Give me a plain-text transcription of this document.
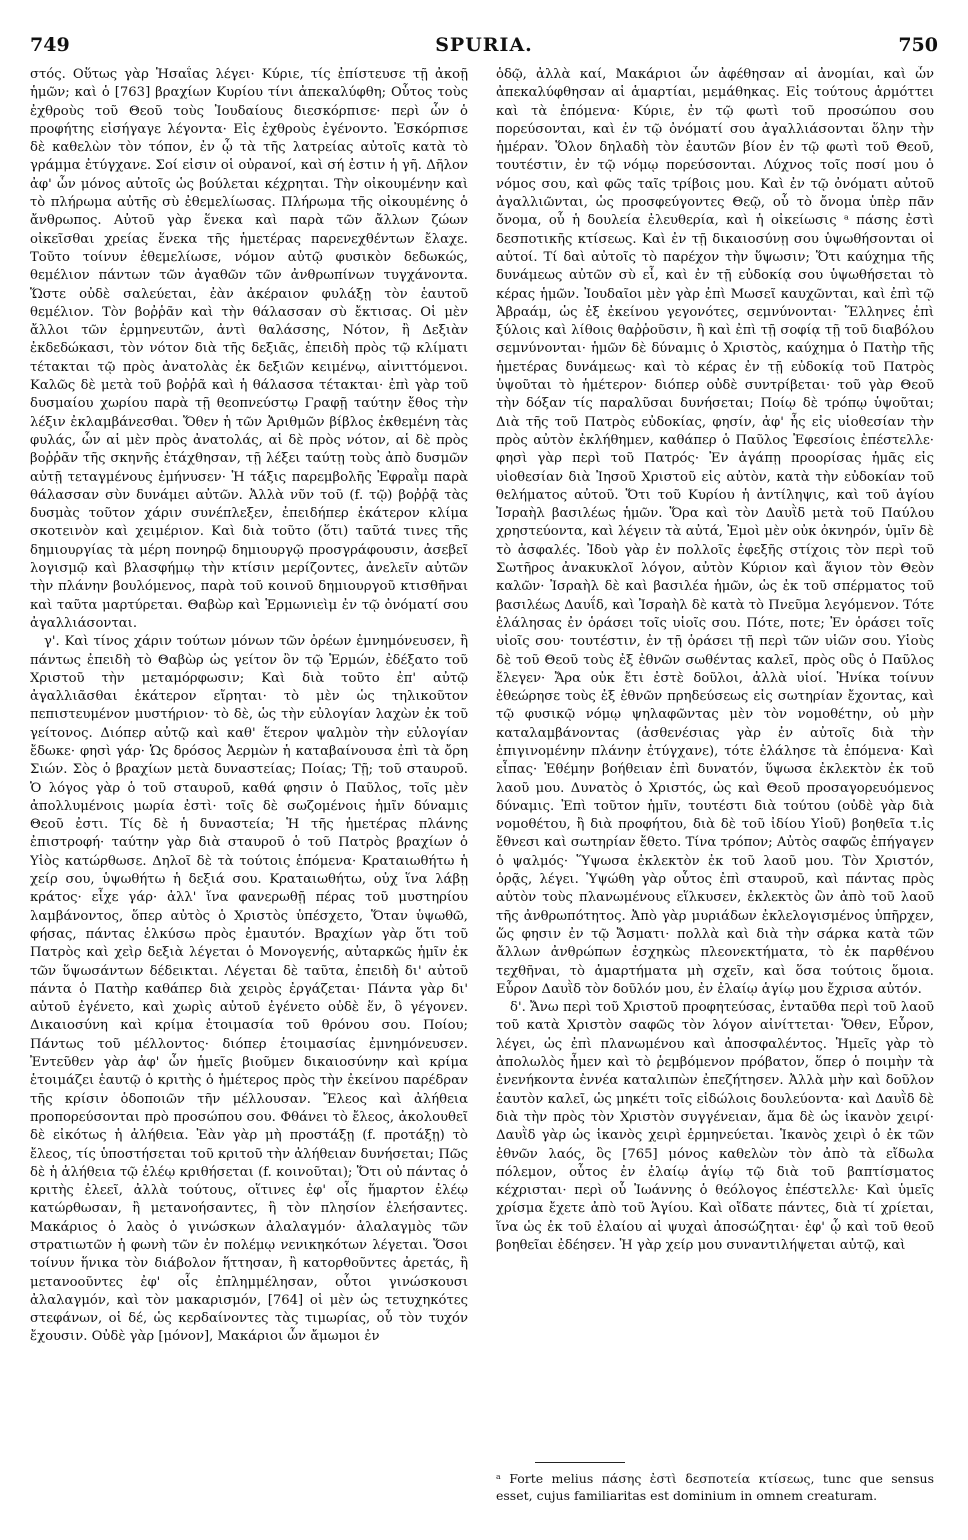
749	SPURIA.	750

στός. Οὕτως γὰρ Ἡσαΐας λέγει· Κύριε, τίς ἐπίστευσε τῇ ἀκοῇ ἡμῶν; καὶ ὁ [763] βραχίων Κυρίου τίνι ἀπεκαλύφθη; Οὗτος τοὺς ἐχθροὺς τοῦ Θεοῦ τοὺς Ἰουδαίους διεσκόρπισε· περὶ ὧν ὁ προφήτης εἰσήγαγε λέγοντα· Εἰς ἐχθροὺς ἐγένοντο. Ἐσκόρπισε δὲ καθελὼν τὸν τόπον, ἐν ᾧ τὰ τῆς λατρείας αὐτοῖς κατὰ τὸ γράμμα ἐτύγχανε. Σοί εἰσιν οἱ οὐρανοί, καὶ σή ἐστιν ἡ γῆ. Δῆλον ἀφ' ὧν μόνος αὐτοῖς ὡς βούλεται κέχρηται. Τὴν οἰκουμένην καὶ τὸ πλήρωμα αὐτῆς σὺ ἐθεμελίωσας. Πλήρωμα τῆς οἰκουμένης ὁ ἄνθρωπος. Αὐτοῦ γὰρ ἕνεκα καὶ παρὰ τῶν ἄλλων ζώων οἰκεῖσθαι χρείας ἕνεκα τῆς ἡμετέρας παρενεχθέντων ἔλαχε. Τοῦτο τοίνυν ἐθεμελίωσε, νόμον αὐτῷ φυσικὸν δεδωκώς, θεμέλιον πάντων τῶν ἀγαθῶν τῶν ἀνθρωπίνων τυγχάνοντα. Ὥστε οὐδὲ σαλεύεται, ἐὰν ἀκέραιον φυλάξῃ τὸν ἑαυτοῦ θεμέλιον. Τὸν βοῤῥᾶν καὶ τὴν θάλασσαν σὺ ἔκτισας. Οἱ μὲν ἄλλοι τῶν ἑρμηνευτῶν, ἀντὶ θαλάσσης, Νότον, ἢ Δεξιὰν ἐκδεδώκασι, τὸν νότον διὰ τῆς δεξιᾶς, ἐπειδὴ πρὸς τῷ κλίματι τέτακται τῷ πρὸς ἀνατολὰς ἐκ δεξιῶν κειμένῳ, αἰνιττόμενοι. Καλῶς δὲ μετὰ τοῦ βοῤῥᾶ καὶ ἡ θάλασσα τέτακται· ἐπὶ γὰρ τοῦ δυσμαίου χωρίου παρὰ τῇ θεοπνεύστῳ Γραφῇ ταύτην ἔθος τὴν λέξιν ἐκλαμβάνεσθαι. Ὅθεν ἡ τῶν Ἀριθμῶν βίβλος ἐκθεμένη τὰς φυλάς, ὧν αἱ μὲν πρὸς ἀνατολάς, αἱ δὲ πρὸς νότον, αἱ δὲ πρὸς βοῤῥᾶν τῆς σκηνῆς ἐτάχθησαν, τῇ λέξει ταύτῃ τοὺς ἀπὸ δυσμῶν αὐτῇ τεταγμένους ἐμήνυσεν· Ἡ τάξις παρεμβολῆς Ἐφραῒμ παρὰ θάλασσαν σὺν δυνάμει αὐτῶν. Ἀλλὰ νῦν τοῦ (f. τῷ) βοῤῥᾷ τὰς δυσμὰς τοῦτον χάριν συνέπλεξεν, ἐπειδήπερ ἑκάτερον κλίμα σκοτεινὸν καὶ χειμέριον. Καὶ διὰ τοῦτο (ὅτι) ταῦτά τινες τῆς δημιουργίας τὰ μέρη πονηρῷ δημιουργῷ προσγράφουσιν, ἀσεβεῖ λογισμῷ καὶ βλασφήμῳ τὴν κτίσιν μερίζοντες, ἀνελεῖν αὐτῶν τὴν πλάνην βουλόμενος, παρὰ τοῦ κοινοῦ δημιουργοῦ κτισθῆναι καὶ ταῦτα μαρτύρεται. Θαβὼρ καὶ Ἑρμωνιεὶμ ἐν τῷ ὀνόματί σου ἀγαλλιάσονται.

γ'. Καὶ τίνος χάριν τούτων μόνων τῶν ὀρέων ἐμνημόνευσεν, ἢ πάντως ἐπειδὴ τὸ Θαβὼρ ὡς γείτον ὂν τῷ Ἑρμών, ἐδέξατο τοῦ Χριστοῦ τὴν μεταμόρφωσιν; Καὶ διὰ τοῦτο ἐπ' αὐτῷ ἀγαλλιᾶσθαι ἑκάτερον εἴρηται· τὸ μὲν ὡς τηλικοῦτον πεπιστευμένον μυστήριον· τὸ δὲ, ὡς τὴν εὐλογίαν λαχὼν ἐκ τοῦ γείτονος. Διόπερ αὐτῷ καὶ καθ' ἕτερον ψαλμὸν τὴν εὐλογίαν ἔδωκε· φησὶ γάρ· Ὡς δρόσος Ἀερμὼν ἡ καταβαίνουσα ἐπὶ τὰ ὄρη Σιών. Σὸς ὁ βραχίων μετὰ δυναστείας; Ποίας; Τῇ; τοῦ σταυροῦ. Ὁ λόγος γὰρ ὁ τοῦ σταυροῦ, καθά φησιν ὁ Παῦλος, τοῖς μὲν ἀπολλυμένοις μωρία ἐστὶ· τοῖς δὲ σωζομένοις ἡμῖν δύναμις Θεοῦ ἐστι. Τίς δὲ ἡ δυναστεία; Ἡ τῆς ἡμετέρας πλάνης ἐπιστροφή· ταύτην γὰρ διὰ σταυροῦ ὁ τοῦ Πατρὸς βραχίων ὁ Υἱὸς κατώρθωσε. Δηλοῖ δὲ τὰ τούτοις ἑπόμενα· Κραταιωθήτω ἡ χείρ σου, ὑψωθήτω ἡ δεξιά σου. Κραταιωθήτω, οὐχ ἵνα λάβῃ κράτος· εἶχε γάρ· ἀλλ' ἵνα φανερωθῇ πέρας τοῦ μυστηρίου λαμβάνοντος, ὅπερ αὐτὸς ὁ Χριστὸς ὑπέσχετο, Ὅταν ὑψωθῶ, φήσας, πάντας ἑλκύσω πρὸς ἐμαυτόν. Βραχίων γὰρ ὅτι τοῦ Πατρὸς καὶ χεὶρ δεξιὰ λέγεται ὁ Μονογενής, αὐταρκῶς ἡμῖν ἐκ τῶν ὕψωσάντων δέδεικται. Λέγεται δὲ ταῦτα, ἐπειδὴ δι' αὐτοῦ πάντα ὁ Πατὴρ καθάπερ διὰ χειρὸς ἐργάζεται· Πάντα γὰρ δι' αὐτοῦ ἐγένετο, καὶ χωρὶς αὐτοῦ ἐγένετο οὐδὲ ἕν, ὃ γέγονεν. Δικαιοσύνη καὶ κρίμα ἑτοιμασία τοῦ θρόνου σου. Ποίου; Πάντως τοῦ μέλλοντος· διόπερ ἑτοιμασίας ἐμνημόνευσεν. Ἐντεῦθεν γὰρ ἀφ' ὧν ἡμεῖς βιοῦμεν δικαιοσύνην καὶ κρίμα ἑτοιμάζει ἑαυτῷ ὁ κριτὴς ὁ ἡμέτερος πρὸς τὴν ἐκείνου παρέδραν τῆς κρίσιν ὁδοποιῶν τῆν μέλλουσαν. Ἔλεος καὶ ἀλήθεια προπορεύσονται πρὸ προσώπου σου. Φθάνει τὸ ἔλεος, ἀκολουθεῖ δὲ εἰκότως ἡ ἀλήθεια. Ἐὰν γὰρ μὴ προστάξῃ (f. προτάξῃ) τὸ ἔλεος, τίς ὑποστήσεται τοῦ κριτοῦ τὴν ἀλήθειαν δυνήσεται; Πῶς δὲ ἡ ἀλήθεια τῷ ἐλέῳ κριθήσεται (f. κοινοῦται); Ὅτι οὐ πάντας ὁ κριτὴς ἐλεεῖ, ἀλλὰ τούτους, οἵτινες ἐφ' οἷς ἥμαρτον ἐλέῳ κατώρθωσαν, ἢ μετανοήσαντες, ἢ τὸν πλησίον ἐλεήσαντες. Μακάριος ὁ λαὸς ὁ γινώσκων ἀλαλαγμόν· ἀλαλαγμὸς τῶν στρατιωτῶν ἡ φωνὴ τῶν ἐν πολέμῳ νενικηκότων λέγεται. Ὅσοι τοίνυν ἥνικα τὸν διάβολον ἥττησαν, ἢ κατορθοῦντες ἀρετάς, ἢ μετανοοῦντες ἐφ' οἷς ἐπλημμέλησαν, οὗτοι γινώσκουσι ἀλαλαγμόν, καὶ τὸν μακαρισμόν, [764] οἱ μὲν ὡς τετυχηκότες στεφάνων, οἱ δέ, ὡς κερδαίνοντες τὰς τιμωρίας, οὗ τὸν τυχόν ἔχουσιν. Οὐδὲ γὰρ [μόνον], Μακάριοι ὧν ἄμωμοι ἐν

ὁδῷ, ἀλλὰ καί, Μακάριοι ὧν ἀφέθησαν αἱ ἀνομίαι, καὶ ὧν ἀπεκαλύφθησαν αἱ ἁμαρτίαι, μεμάθηκας. Εἰς τούτους ἁρμόττει καὶ τὰ ἑπόμενα· Κύριε, ἐν τῷ φωτὶ τοῦ προσώπου σου πορεύσονται, καὶ ἐν τῷ ὀνόματί σου ἀγαλλιάσονται ὅλην τὴν ἡμέραν. Ὅλον δηλαδὴ τὸν ἑαυτῶν βίον ἐν τῷ φωτὶ τοῦ Θεοῦ, τουτέστιν, ἐν τῷ νόμῳ πορεύσονται. Λύχνος τοῖς ποσί μου ὁ νόμος σου, καὶ φῶς ταῖς τρίβοις μου. Καὶ ἐν τῷ ὀνόματι αὐτοῦ ἀγαλλιῶνται, ὡς προσφεύγοντες Θεῷ, οὗ τὸ ὄνομα ὑπὲρ πᾶν ὄνομα, οὗ ἡ δουλεία ἐλευθερία, καὶ ἡ οἰκείωσις ᵃ πάσης ἐστὶ δεσποτικῆς κτίσεως. Καὶ ἐν τῇ δικαιοσύνῃ σου ὑψωθήσονται οἱ αὐτοί. Τί δαὶ αὐτοῖς τὸ παρέχον τὴν ὕψωσιν; Ὅτι καύχημα τῆς δυνάμεως αὐτῶν σὺ εἶ, καὶ ἐν τῇ εὐδοκίᾳ σου ὑψωθήσεται τὸ κέρας ἡμῶν. Ἰουδαῖοι μὲν γὰρ ἐπὶ Μωσεῖ καυχῶνται, καὶ ἐπὶ τῷ Ἀβραάμ, ὡς ἐξ ἐκείνου γεγονότες, σεμνύνονται· Ἕλληνες ἐπὶ ξύλοις καὶ λίθοις θαῤῥοῦσιν, ἢ καὶ ἐπὶ τῇ σοφίᾳ τῇ τοῦ διαβόλου σεμνύνονται· ἡμῶν δὲ δύναμις ὁ Χριστὸς, καύχημα ὁ Πατὴρ τῆς ἡμετέρας δυνάμεως· καὶ τὸ κέρας ἐν τῇ εὐδοκίᾳ τοῦ Πατρὸς ὑψοῦται τὸ ἡμέτερον· διόπερ οὐδὲ συντρίβεται· τοῦ γὰρ Θεοῦ τὴν δόξαν τίς παραλῦσαι δυνήσεται; Ποίῳ δὲ τρόπῳ ὑψοῦται; Διὰ τῆς τοῦ Πατρὸς εὐδοκίας, φησίν, ἀφ' ἧς εἰς υἱοθεσίαν τὴν πρὸς αὐτὸν ἐκλήθημεν, καθάπερ ὁ Παῦλος Ἐφεσίοις ἐπέστελλε· φησὶ γὰρ περὶ τοῦ Πατρός· Ἐν ἀγάπῃ προορίσας ἡμᾶς εἰς υἱοθεσίαν διὰ Ἰησοῦ Χριστοῦ εἰς αὐτὸν, κατὰ τὴν εὐδοκίαν τοῦ θελήματος αὐτοῦ. Ὅτι τοῦ Κυρίου ἡ ἀντίληψις, καὶ τοῦ ἁγίου Ἰσραὴλ βασιλέως ἡμῶν. Ὅρα καὶ τὸν Δαυῒδ μετὰ τοῦ Παύλου χρηστεύοντα, καὶ λέγειν τὰ αὐτά, Ἐμοὶ μὲν οὐκ ὀκνηρόν, ὑμῖν δὲ τὸ ἀσφαλές. Ἰδοὺ γὰρ ἐν πολλοῖς ἐφεξῆς στίχοις τὸν περὶ τοῦ Σωτῆρος ἀνακυκλοῖ λόγον, αὐτὸν Κύριον καὶ ἅγιον τὸν Θεὸν καλῶν· Ἰσραὴλ δὲ καὶ βασιλέα ἡμῶν, ὡς ἐκ τοῦ σπέρματος τοῦ βασιλέως Δαυΐδ, καὶ Ἰσραὴλ δὲ κατὰ τὸ Πνεῦμα λεγόμενον. Τότε ἐλάλησας ἐν ὁράσει τοῖς υἱοῖς σου. Πότε, ποτε; Ἐν ὁράσει τοῖς υἱοῖς σου· τουτέστιν, ἐν τῇ ὁράσει τῇ περὶ τῶν υἱῶν σου. Υἱοὺς δὲ τοῦ Θεοῦ τοὺς ἐξ ἐθνῶν σωθέντας καλεῖ, πρὸς οὓς ὁ Παῦλος ἔλεγεν· Ἄρα οὐκ ἔτι ἐστὲ δοῦλοι, ἀλλὰ υἱοί. Ἡνίκα τοίνυν ἐθεώρησε τοὺς ἐξ ἐθνῶν πρηδεύσεως εἰς σωτηρίαν ἔχοντας, καὶ τῷ φυσικῷ νόμῳ ψηλαφῶντας μὲν τὸν νομοθέτην, οὐ μὴν καταλαμβάνοντας (ἀσθενέσιας γὰρ ἐν αὐτοῖς διὰ τὴν ἐπιγινομένην πλάνην ἐτύγχανε), τότε ἐλάλησε τὰ ἑπόμενα· Καὶ εἶπας· Ἐθέμην βοήθειαν ἐπὶ δυνατόν, ὕψωσα ἐκλεκτὸν ἐκ τοῦ λαοῦ μου. Δυνατὸς ὁ Χριστός, ὡς καὶ Θεοῦ προσαγορευόμενος δύναμις. Ἐπὶ τοῦτον ἡμῖν, τουτέστι διὰ τούτου (οὐδὲ γὰρ διὰ νομοθέτου, ἢ διὰ προφήτου, διὰ δὲ τοῦ ἰδίου Υἱοῦ) βοηθεῖα τ.ἰς ἔθνεσι καὶ σωτηρίαν ἔθετο. Τίνα τρόπον; Αὐτὸς σαφῶς ἐπήγαγεν ὁ ψαλμός· Ὕψωσα ἐκλεκτὸν ἐκ τοῦ λαοῦ μου. Τὸν Χριστόν, ὁρᾷς, λέγει. Ὑψώθη γὰρ οὗτος ἐπὶ σταυροῦ, καὶ πάντας πρὸς αὐτὸν τοὺς πλανωμένους εἵλκυσεν, ἐκλεκτὸς ὢν ἀπὸ τοῦ λαοῦ τῆς ἀνθρωπότητος. Ἀπὸ γὰρ μυριάδων ἐκλελογισμένος ὑπῆρχεν, ὥς φησιν ἐν τῷ Ἄσματι· πολλὰ καὶ διὰ τὴν σάρκα κατὰ τῶν ἄλλων ἀνθρώπων ἐσχηκὼς πλεονεκτήματα, τὸ ἐκ παρθένου τεχθῆναι, τὸ ἁμαρτήματα μὴ σχεῖν, καὶ ὅσα τούτοις ὅμοια. Εὗρον Δαυῒδ τὸν δοῦλόν μου, ἐν ἐλαίῳ ἁγίῳ μου ἔχρισα αὐτόν.

δ'. Ἄνω περὶ τοῦ Χριστοῦ προφητεύσας, ἐνταῦθα περὶ τοῦ λαοῦ τοῦ κατὰ Χριστὸν σαφῶς τὸν λόγον αἰνίττεται· Ὅθεν, Εὗρον, λέγει, ὡς ἐπὶ πλανωμένου καὶ ἀποσφαλέντος. Ἡμεῖς γὰρ τὸ ἀπολωλὸς ἦμεν καὶ τὸ ῥεμβόμενον πρόβατον, ὅπερ ὁ ποιμὴν τὰ ἐνενήκοντα ἐννέα καταλιπὼν ἐπεζήτησεν. Ἀλλὰ μὴν καὶ δοῦλον ἑαυτὸν καλεῖ, ὡς μηκέτι τοῖς εἰδώλοις δουλεύοντα· καὶ Δαυῒδ δὲ διὰ τὴν πρὸς τὸν Χριστὸν συγγένειαν, ἅμα δὲ ὡς ἱκανὸν χειρί· Δαυῒδ γὰρ ὡς ἱκανὸς χειρὶ ἑρμηνεύεται. Ἱκανὸς χειρὶ ὁ ἐκ τῶν ἐθνῶν λαός, ὃς [765] μόνος καθελὼν τὸν ἀπὸ τὰ εἴδωλα πόλεμον, οὗτος ἐν ἐλαίῳ ἁγίῳ τῷ διὰ τοῦ βαπτίσματος κέχρισται· περὶ οὗ Ἰωάννης ὁ θεόλογος ἐπέστελλε· Καὶ ὑμεῖς χρίσμα ἔχετε ἀπὸ τοῦ Ἁγίου. Καὶ οἴδατε πάντες, διὰ τί χρίεται, ἵνα ὡς ἐκ τοῦ ἐλαίου αἱ ψυχαὶ ἀποσώζηται· ἐφ' ᾧ καὶ τοῦ θεοῦ βοηθεῖαι ἐδέησεν. Ἡ γὰρ χείρ μου συναντιλήψεται αὐτῷ, καὶ

ᵃ Forte melius πάσης ἐστὶ δεσποτεία κτίσεως, tunc que sensus esset, cujus familiaritas est dominium in omnem creaturam.
